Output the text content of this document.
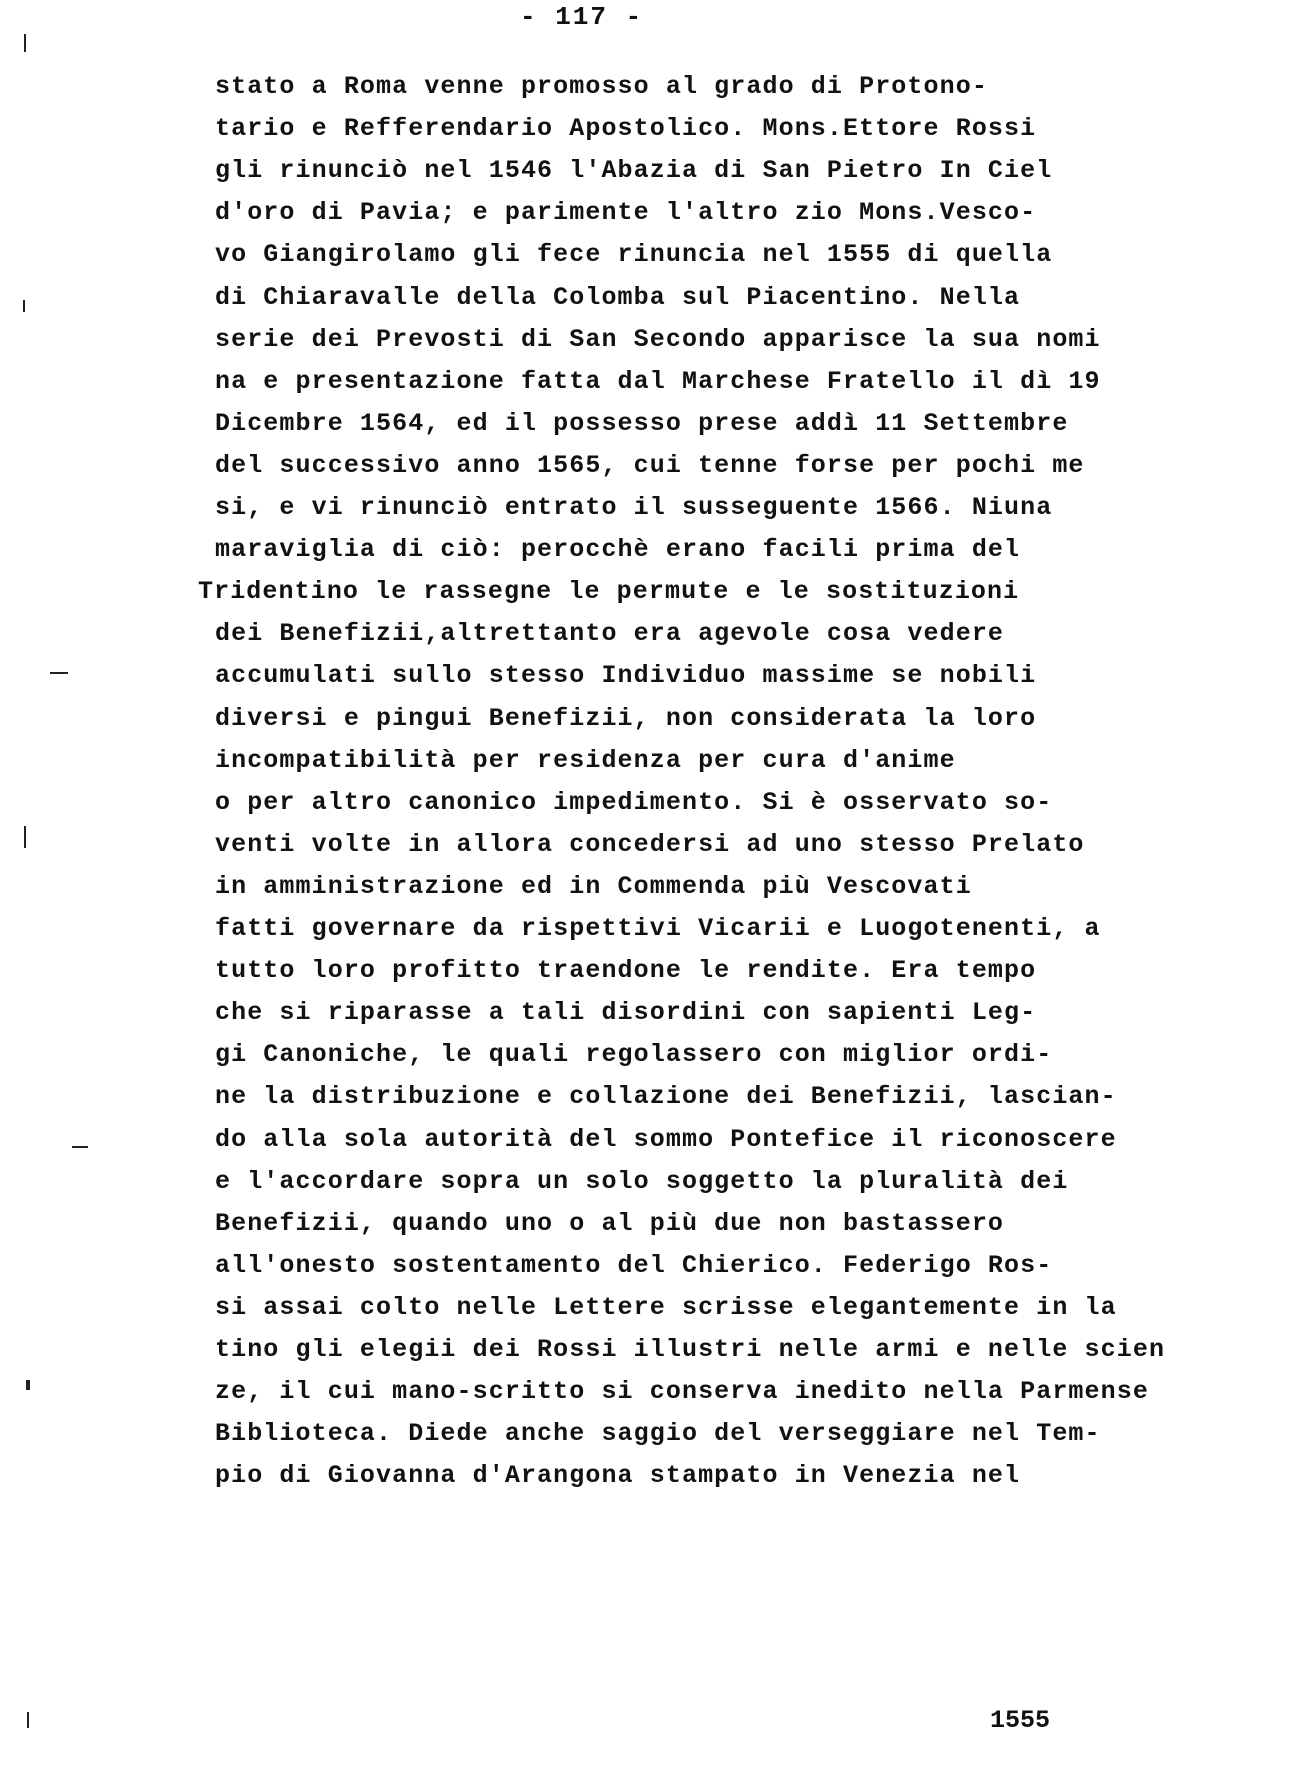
- 117 -
stato a Roma venne promosso al grado di Protono-
tario e Refferendario Apostolico. Mons.Ettore Rossi
gli rinunciò nel 1546 l'Abazia di San Pietro In Ciel
d'oro di Pavia; e parimente l'altro zio Mons.Vesco-
vo Giangirolamo gli fece rinuncia nel 1555 di quella
di Chiaravalle della Colomba sul Piacentino. Nella
serie dei Prevosti di San Secondo apparisce la sua nomi
na e presentazione fatta dal Marchese Fratello il dì 19
Dicembre 1564, ed il possesso prese addì 11 Settembre
del successivo anno 1565, cui tenne forse per pochi me
si, e vi rinunciò entrato il susseguente 1566. Niuna
maraviglia di ciò: perocchè erano facili prima del
Tridentino le rassegne le permute e le sostituzioni
dei Benefizii,altrettanto era agevole cosa vedere
accumulati sullo stesso Individuo massime se nobili
diversi e pingui Benefizii, non considerata la loro
incompatibilità per residenza per cura d'anime
o per altro canonico impedimento. Si è osservato so-
venti volte in allora concedersi ad uno stesso Prelato
in amministrazione ed in Commenda più Vescovati
fatti governare da rispettivi Vicarii e Luogotenenti, a
tutto loro profitto traendone le rendite. Era tempo
che si riparasse a tali disordini con sapienti Leg-
gi Canoniche, le quali regolassero con miglior ordi-
ne la distribuzione e collazione dei Benefizii, lascian-
do alla sola autorità del sommo Pontefice il riconoscere
e l'accordare sopra un solo soggetto la pluralità dei
Benefizii, quando uno o al più due non bastassero
all'onesto sostentamento del Chierico. Federigo Ros-
si assai colto nelle Lettere scrisse elegantemente in la
tino gli elegii dei Rossi illustri nelle armi e nelle scien
ze, il cui mano-scritto si conserva inedito nella Parmense
Biblioteca. Diede anche saggio del verseggiare nel Tem-
pio di Giovanna d'Arangona stampato in Venezia nel
1555
